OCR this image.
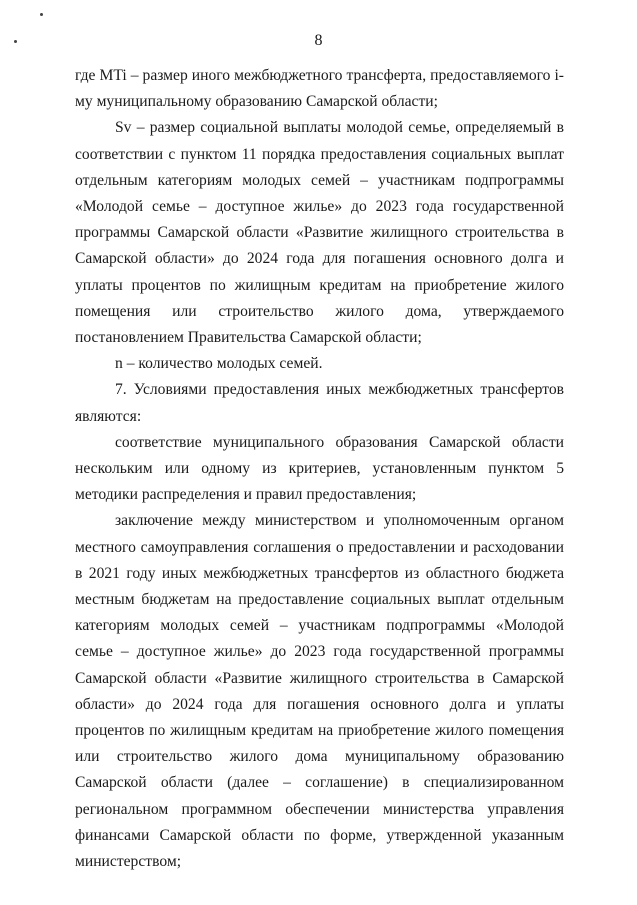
8

где MTi – размер иного межбюджетного трансферта, предоставляемого i-му муниципальному образованию Самарской области;

Sv – размер социальной выплаты молодой семье, определяемый в соответствии с пунктом 11 порядка предоставления социальных выплат отдельным категориям молодых семей – участникам подпрограммы «Молодой семье – доступное жилье» до 2023 года государственной программы Самарской области «Развитие жилищного строительства в Самарской области» до 2024 года для погашения основного долга и уплаты процентов по жилищным кредитам на приобретение жилого помещения или строительство жилого дома, утверждаемого постановлением Правительства Самарской области;

n – количество молодых семей.

7. Условиями предоставления иных межбюджетных трансфертов являются:

соответствие муниципального образования Самарской области нескольким или одному из критериев, установленным пунктом 5 методики распределения и правил предоставления;

заключение между министерством и уполномоченным органом местного самоуправления соглашения о предоставлении и расходовании в 2021 году иных межбюджетных трансфертов из областного бюджета местным бюджетам на предоставление социальных выплат отдельным категориям молодых семей – участникам подпрограммы «Молодой семье – доступное жилье» до 2023 года государственной программы Самарской области «Развитие жилищного строительства в Самарской области» до 2024 года для погашения основного долга и уплаты процентов по жилищным кредитам на приобретение жилого помещения или строительство жилого дома муниципальному образованию Самарской области (далее – соглашение) в специализированном региональном программном обеспечении министерства управления финансами Самарской области по форме, утвержденной указанным министерством;
